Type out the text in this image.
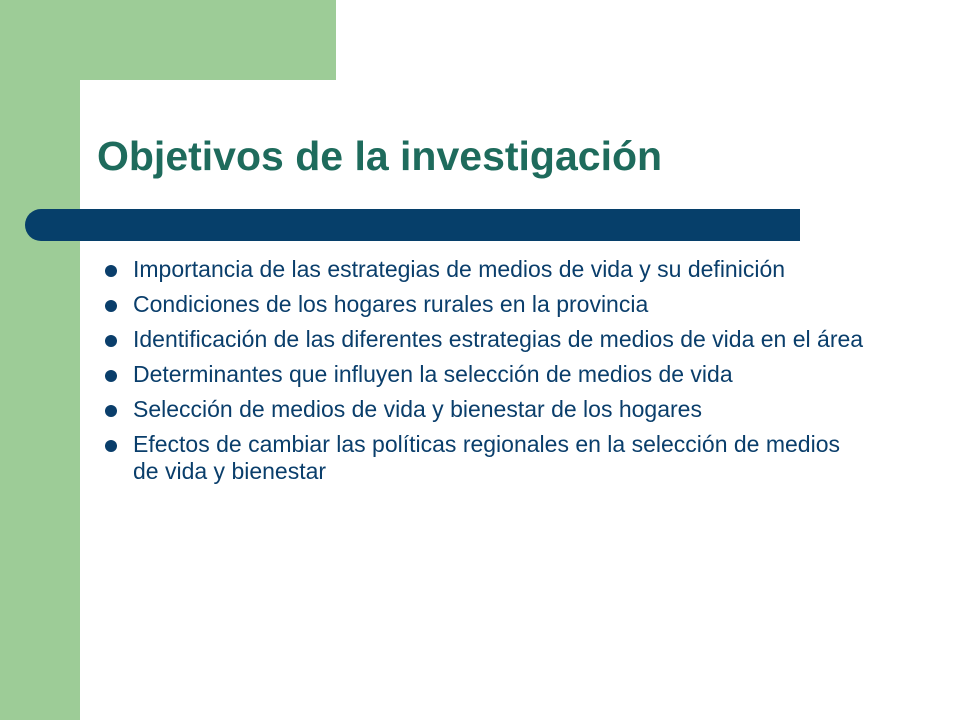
Objetivos de la investigación
Importancia de las estrategias de medios de vida y su definición
Condiciones de los hogares rurales en la provincia
Identificación de las diferentes estrategias de medios de vida en el área
Determinantes que influyen la selección de medios de vida
Selección de medios de vida y bienestar de los hogares
Efectos de cambiar las políticas regionales en la selección de medios de vida y bienestar
